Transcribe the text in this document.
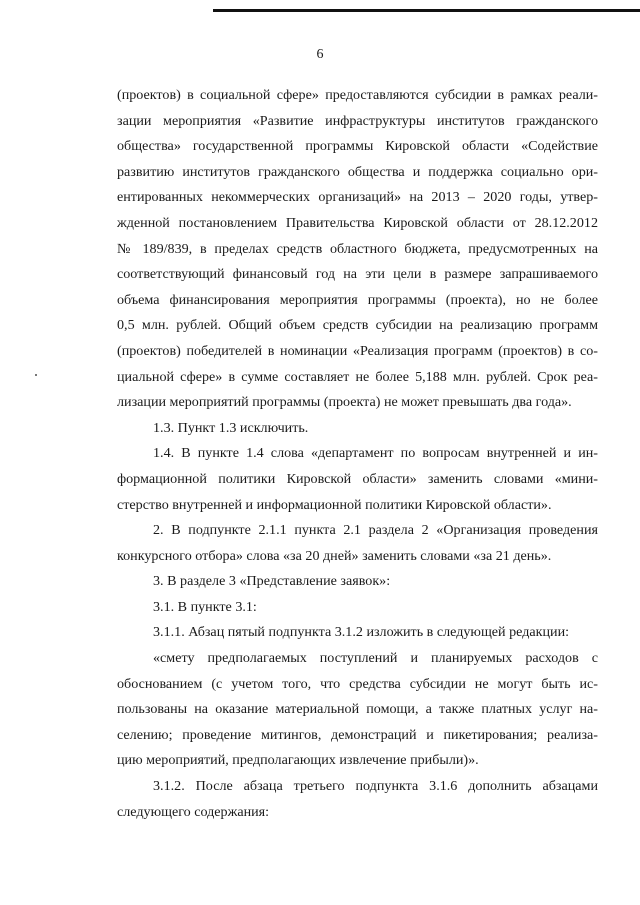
6

(проектов) в социальной сфере» предоставляются субсидии в рамках реали-
зации мероприятия «Развитие инфраструктуры институтов гражданского
общества» государственной программы Кировской области «Содействие
развитию институтов гражданского общества и поддержка социально ори-
ентированных некоммерческих организаций» на 2013 – 2020 годы, утвер-
жденной постановлением Правительства Кировской области от 28.12.2012
№ 189/839, в пределах средств областного бюджета, предусмотренных на
соответствующий финансовый год на эти цели в размере запрашиваемого
объема финансирования мероприятия программы (проекта), но не более
0,5 млн. рублей. Общий объем средств субсидии на реализацию программ
(проектов) победителей в номинации «Реализация программ (проектов) в со-
циальной сфере» в сумме составляет не более 5,188 млн. рублей. Срок реа-
лизации мероприятий программы (проекта) не может превышать два года».

1.3. Пункт 1.3 исключить.

1.4. В пункте 1.4 слова «департамент по вопросам внутренней и ин-
формационной политики Кировской области» заменить словами «мини-
стерство внутренней и информационной политики Кировской области».

2. В подпункте 2.1.1 пункта 2.1 раздела 2 «Организация проведения
конкурсного отбора» слова «за 20 дней» заменить словами «за 21 день».

3. В разделе 3 «Представление заявок»:

3.1. В пункте 3.1:

3.1.1. Абзац пятый подпункта 3.1.2 изложить в следующей редакции:

«смету предполагаемых поступлений и планируемых расходов с
обоснованием (с учетом того, что средства субсидии не могут быть ис-
пользованы на оказание материальной помощи, а также платных услуг на-
селению; проведение митингов, демонстраций и пикетирования; реализа-
цию мероприятий, предполагающих извлечение прибыли)».

3.1.2. После абзаца третьего подпункта 3.1.6 дополнить абзацами
следующего содержания:
